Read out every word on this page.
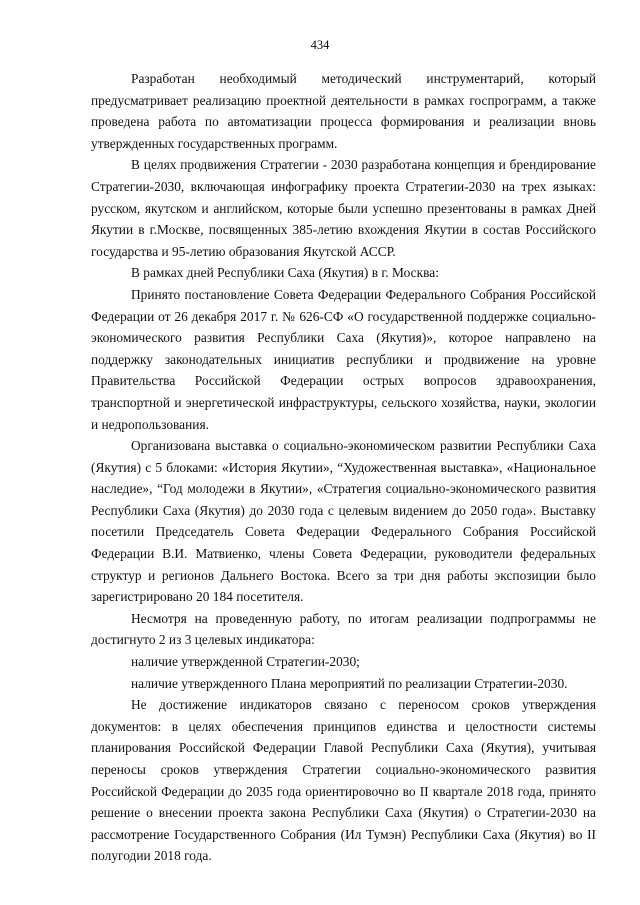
434

Разработан необходимый методический инструментарий, который предусматривает реализацию проектной деятельности в рамках госпрограмм, а также проведена работа по автоматизации процесса формирования и реализации вновь утвержденных государственных программ.

В целях продвижения Стратегии - 2030 разработана концепция и брендирование Стратегии-2030, включающая инфографику проекта Стратегии-2030 на трех языках: русском, якутском и английском, которые были успешно презентованы в рамках Дней Якутии в г.Москве, посвященных 385-летию вхождения Якутии в состав Российского государства и 95-летию образования Якутской АССР.

В рамках дней Республики Саха (Якутия) в г. Москва:

Принято постановление Совета Федерации Федерального Собрания Российской Федерации от 26 декабря 2017 г. № 626-СФ «О государственной поддержке социально-экономического развития Республики Саха (Якутия)», которое направлено на поддержку законодательных инициатив республики и продвижение на уровне Правительства Российской Федерации острых вопросов здравоохранения, транспортной и энергетической инфраструктуры, сельского хозяйства, науки, экологии и недропользования.

Организована выставка о социально-экономическом развитии Республики Саха (Якутия) с 5 блоками: «История Якутии», “Художественная выставка», «Национальное наследие», “Год молодежи в Якутии», «Стратегия социально-экономического развития Республики Саха (Якутия) до 2030 года с целевым видением до 2050 года». Выставку посетили Председатель Совета Федерации Федерального Собрания Российской Федерации В.И. Матвиенко, члены Совета Федерации, руководители федеральных структур и регионов Дальнего Востока. Всего за три дня работы экспозиции было зарегистрировано 20 184 посетителя.

Несмотря на проведенную работу, по итогам реализации подпрограммы не достигнуто 2 из 3 целевых индикатора:

наличие утвержденной Стратегии-2030;

наличие утвержденного Плана мероприятий по реализации Стратегии-2030.

Не достижение индикаторов связано с переносом сроков утверждения документов: в целях обеспечения принципов единства и целостности системы планирования Российской Федерации Главой Республики Саха (Якутия), учитывая переносы сроков утверждения Стратегии социально-экономического развития Российской Федерации до 2035 года ориентировочно во II квартале 2018 года, принято решение о внесении проекта закона Республики Саха (Якутия) о Стратегии-2030 на рассмотрение Государственного Собрания (Ил Тумэн) Республики Саха (Якутия) во II полугодии 2018 года.
